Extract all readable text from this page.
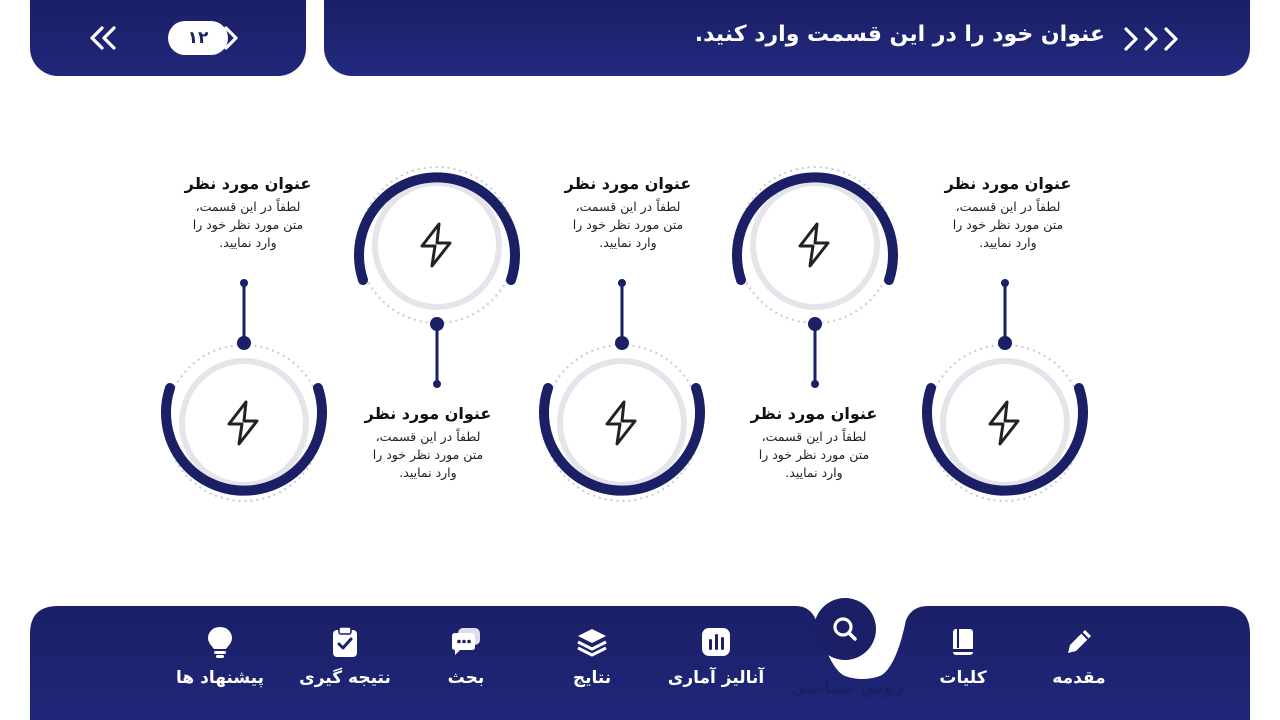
۱۲	عنوان خود را در این قسمت وارد کنید.
عنوان مورد نظر
لطفاً در این قسمت،
متن مورد نظر خود را
وارد نمایید.
عنوان مورد نظر
لطفاً در این قسمت،
متن مورد نظر خود را
وارد نمایید.
عنوان مورد نظر
لطفاً در این قسمت،
متن مورد نظر خود را
وارد نمایید.
عنوان مورد نظر
لطفاً در این قسمت،
متن مورد نظر خود را
وارد نمایید.
عنوان مورد نظر
لطفاً در این قسمت،
متن مورد نظر خود را
وارد نمایید.
روش شناسی	مقدمه
کلیات
آنالیز آماری
نتایج
بحث
نتیجه گیری
پیشنهاد ها
